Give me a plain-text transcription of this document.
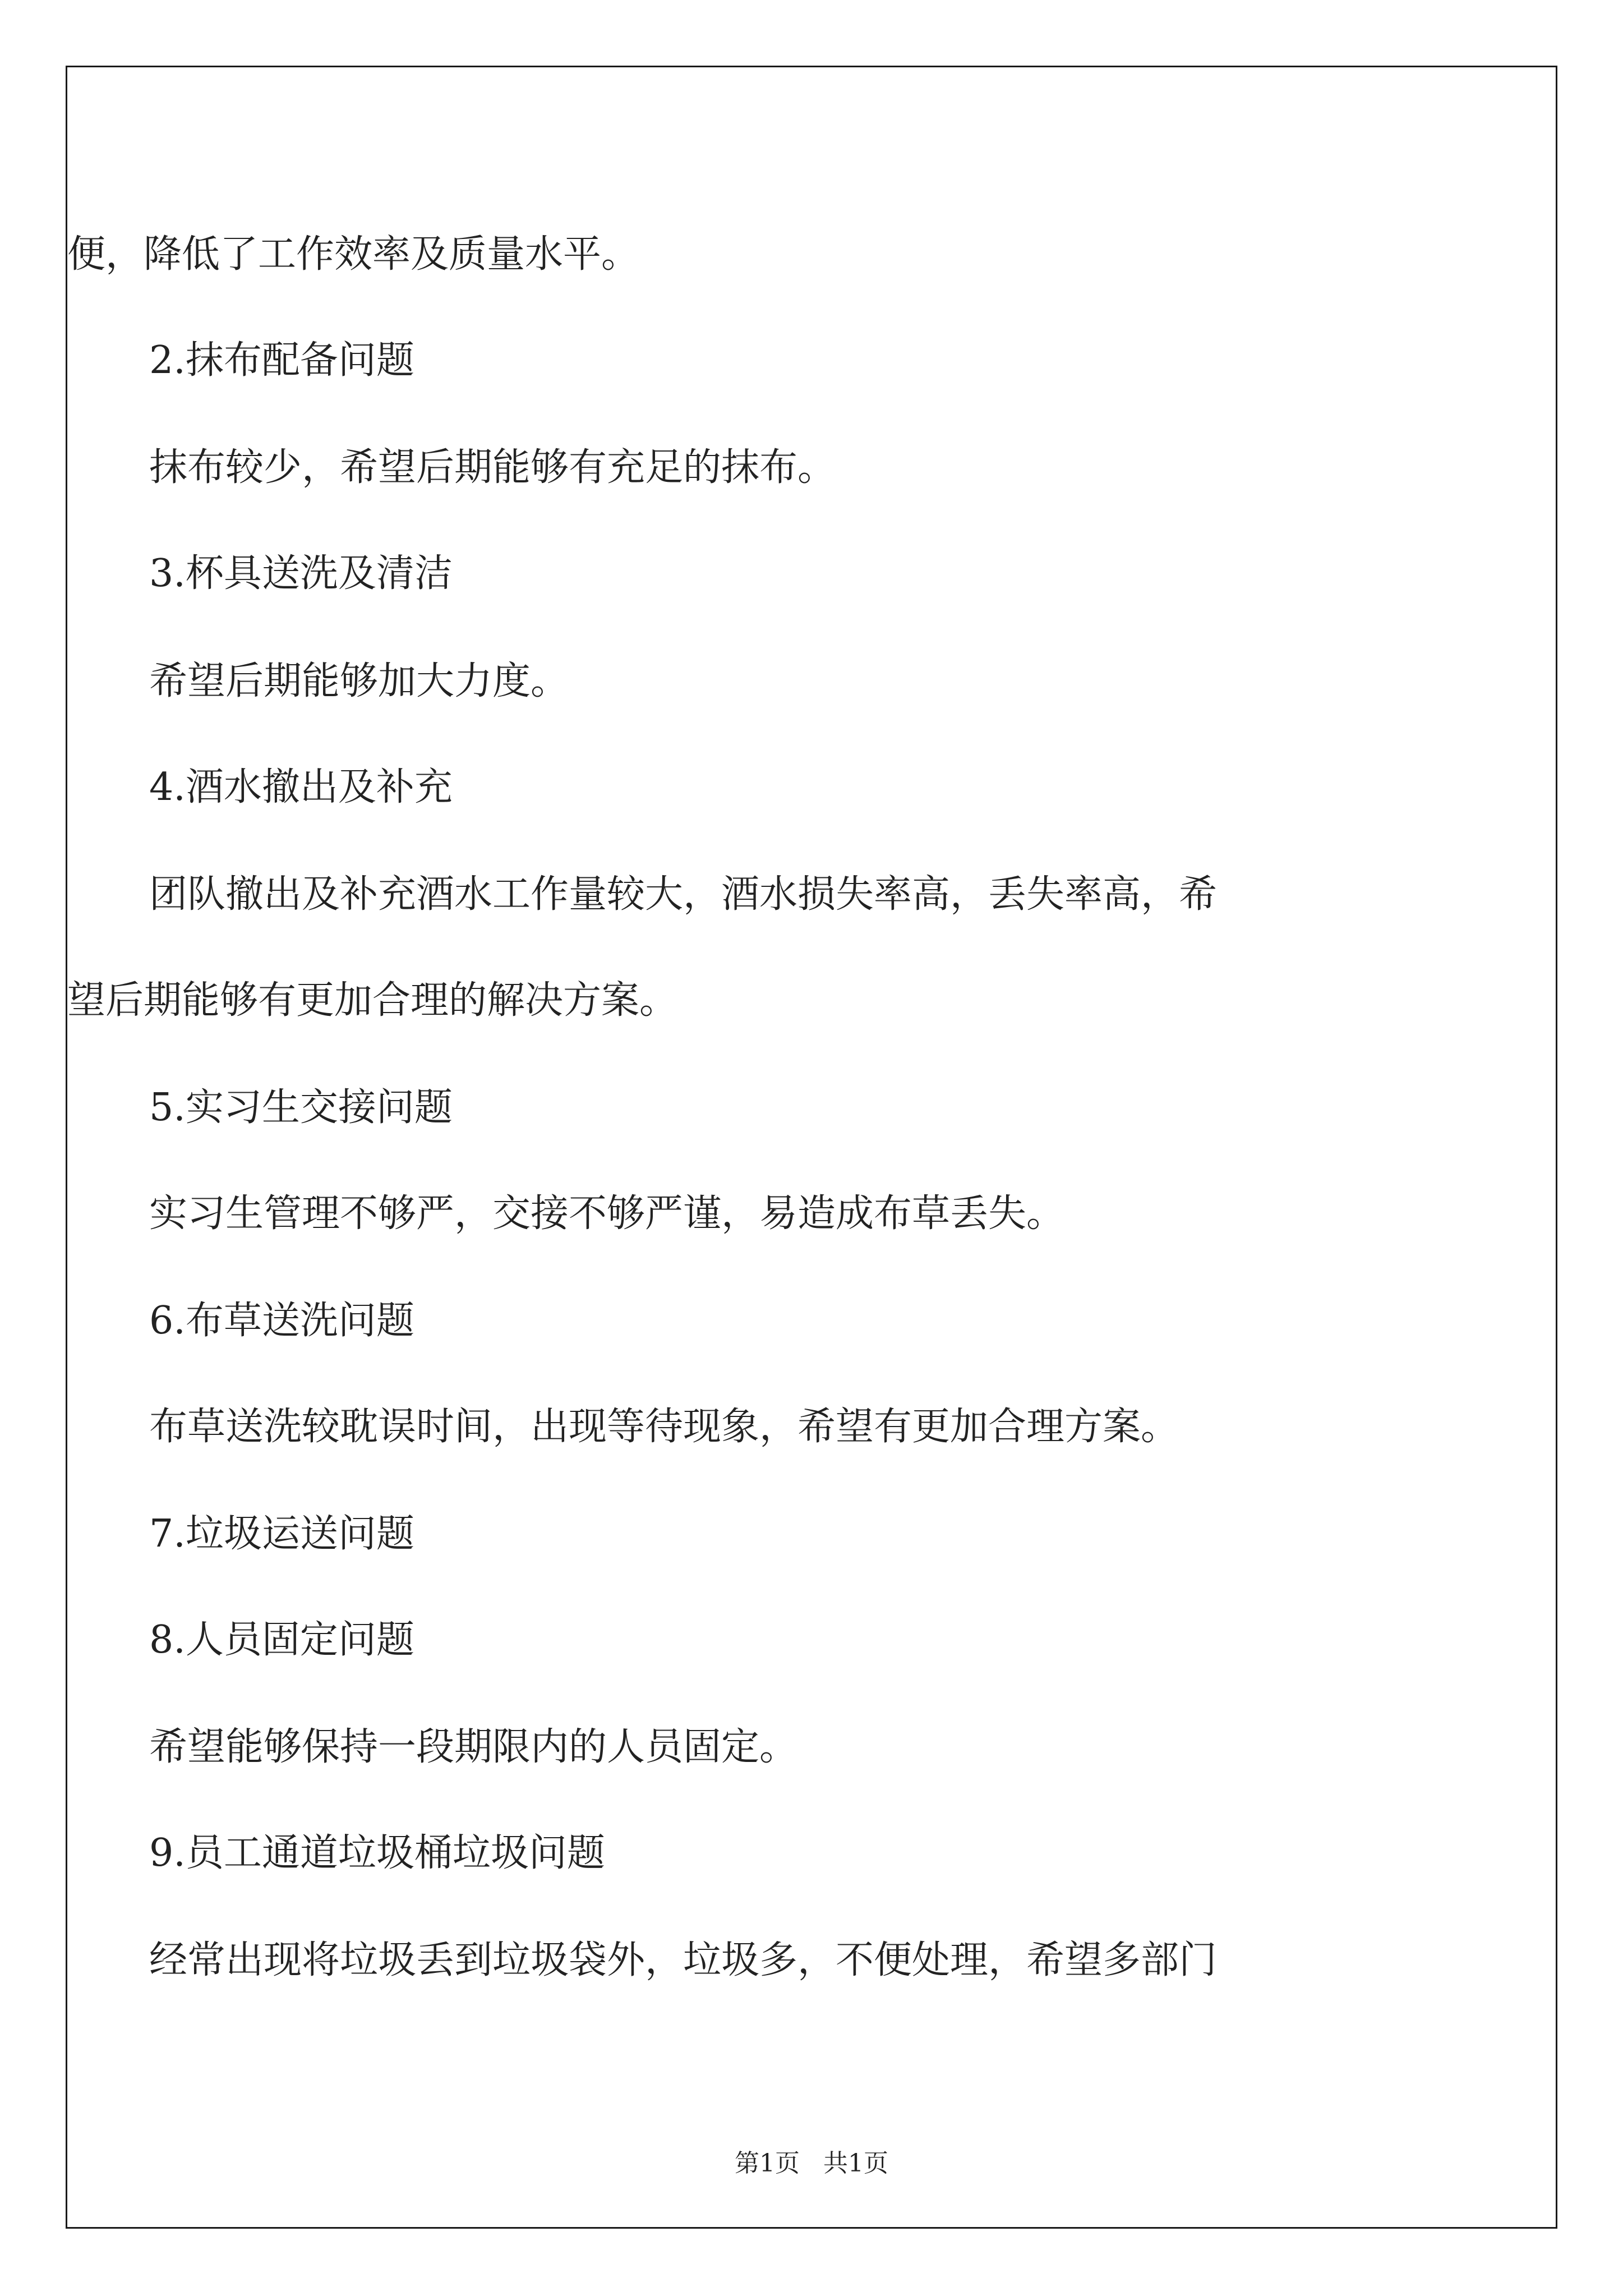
便，降低了工作效率及质量水平。
2.抹布配备问题
抹布较少，希望后期能够有充足的抹布。
3.杯具送洗及清洁
希望后期能够加大力度。
4.酒水撤出及补充
团队撤出及补充酒水工作量较大，酒水损失率高，丢失率高，希
望后期能够有更加合理的解决方案。
5.实习生交接问题
实习生管理不够严，交接不够严谨，易造成布草丢失。
6.布草送洗问题
布草送洗较耽误时间，出现等待现象，希望有更加合理方案。
7.垃圾运送问题
8.人员固定问题
希望能够保持一段期限内的人员固定。
9.员工通道垃圾桶垃圾问题
经常出现将垃圾丢到垃圾袋外，垃圾多，不便处理，希望多部门
第1页   共1页
